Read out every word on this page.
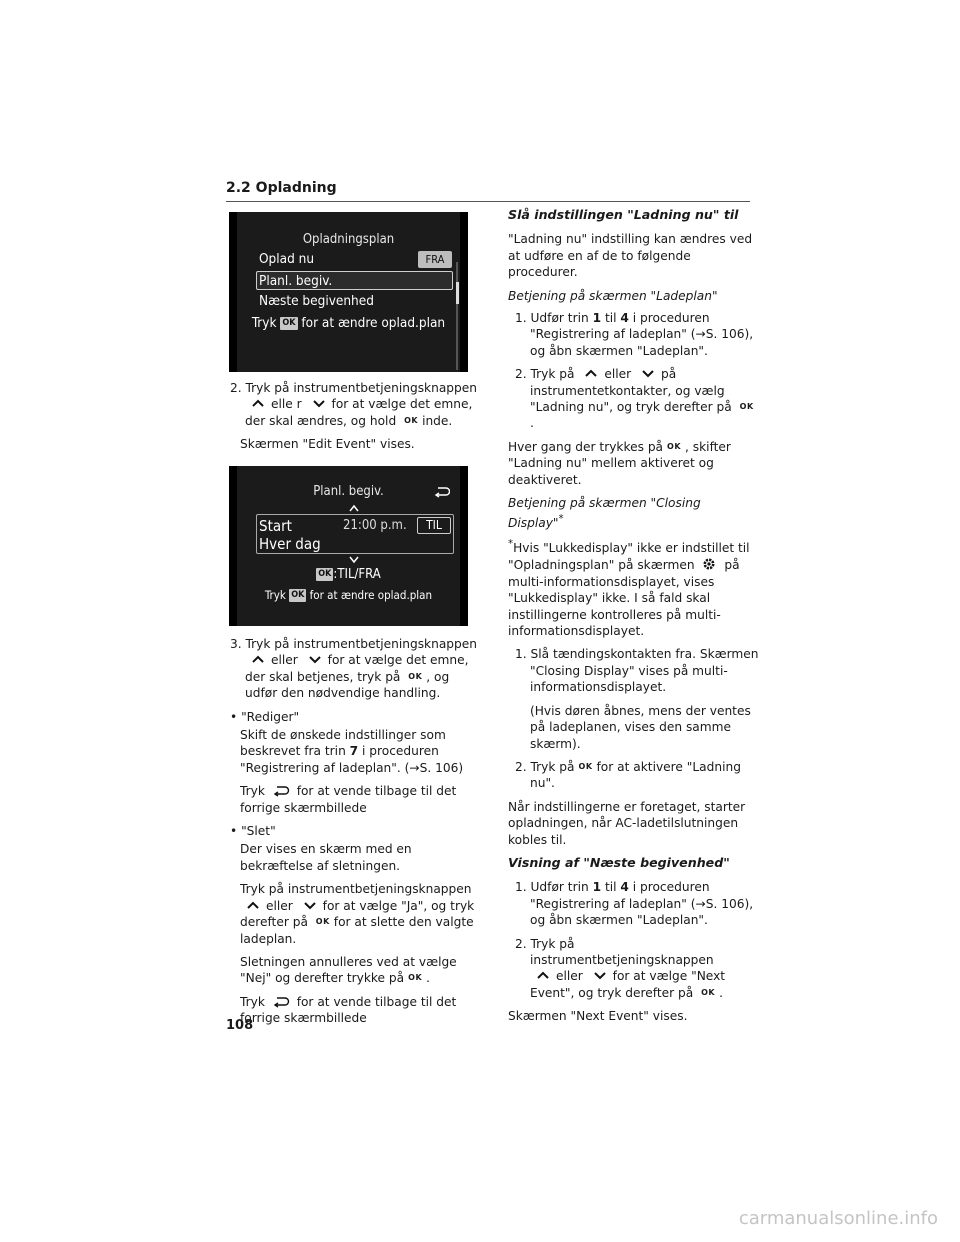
2.2 Opladning
Opladningsplan
Oplad nu	FRA
Planl. begiv.
Næste begivenhed
Tryk OK for at ændre oplad.plan

2. Tryk på instrumentbetjeningsknappen
elle r for at vælge det emne, der skal ændres, og hold OK inde.

Skærmen "Edit Event" vises.

Planl. begiv.
Start	21:00 p.m.	TIL
Hver dag
OK :TIL/FRA
Tryk OK for at ændre oplad.plan

3. Tryk på instrumentbetjeningsknappen
eller for at vælge det emne, der skal betjenes, tryk på OK , og udfør den nødvendige handling.

• "Rediger"

Skift de ønskede indstillinger som beskrevet fra trin 7 i proceduren "Registrering af ladeplan". (→S. 106)

Tryk	for at vende tilbage til det forrige skærmbillede

• "Slet"

Der vises en skærm med en bekræftelse af sletningen.

Tryk på instrumentbetjeningsknappen
eller for at vælge "Ja", og tryk derefter på OK for at slette den valgte ladeplan.

Sletningen annulleres ved at vælge "Nej" og derefter trykke på OK .

Tryk	for at vende tilbage til det forrige skærmbillede

Slå indstillingen "Ladning nu" til

"Ladning nu" indstilling kan ændres ved at udføre en af de to følgende procedurer.

Betjening på skærmen "Ladeplan"

1. Udfør trin 1 til 4 i proceduren "Registrering af ladeplan" (→S. 106), og åbn skærmen "Ladeplan".

2. Tryk på eller på instrumentetkontakter, og vælg "Ladning nu", og tryk derefter på OK.

Hver gang der trykkes på OK , skifter "Ladning nu" mellem aktiveret og deaktiveret.

Betjening på skærmen "Closing Display"*

*Hvis "Lukkedisplay" ikke er indstillet til "Opladningsplan" på skærmen på multi-informationsdisplayet, vises "Lukkedisplay" ikke. I så fald skal instillingerne kontrolleres på multi-informationsdisplayet.

1. Slå tændingskontakten fra. Skærmen "Closing Display" vises på multi-informationsdisplayet.

(Hvis døren åbnes, mens der ventes på ladeplanen, vises den samme skærm).

2. Tryk på OK for at aktivere "Ladning nu".

Når indstillingerne er foretaget, starter opladningen, når AC-ladetilslutningen kobles til.

Visning af "Næste begivenhed"

1. Udfør trin 1 til 4 i proceduren "Registrering af ladeplan" (→S. 106), og åbn skærmen "Ladeplan".

2. Tryk på instrumentbetjeningsknappen
eller for at vælge "Next Event", og tryk derefter på OK .

Skærmen "Next Event" vises.

108
carmanualsonline.info
